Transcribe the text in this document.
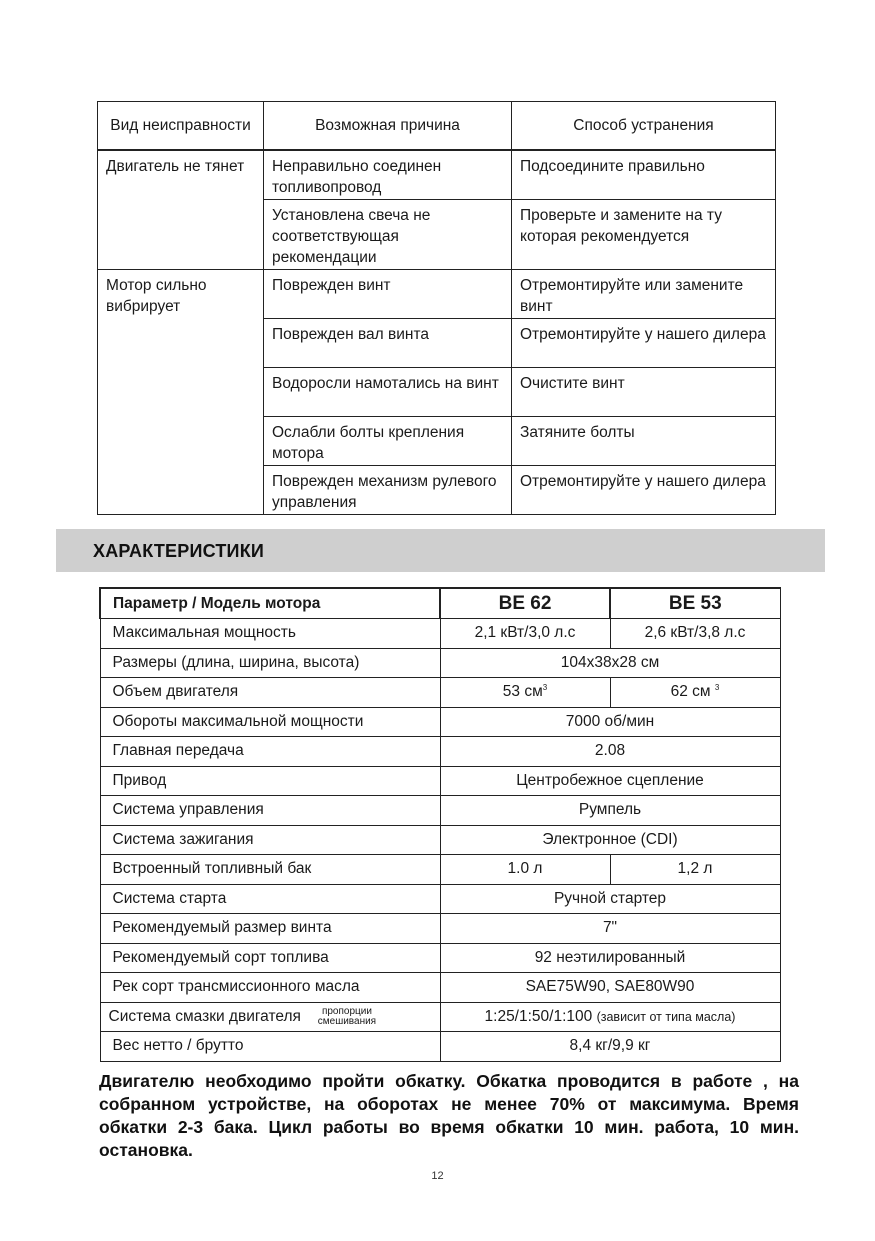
Вид неисправности	Возможная причина	Способ устранения
Двигатель не тянет	Неправильно соединен топливопровод	Подсоедините правильно
	Установлена свеча не соответствующая рекомендации	Проверьте и замените на ту которая рекомендуется
Мотор сильно вибрирует	Поврежден винт	Отремонтируйте или замените винт
	Поврежден вал винта	Отремонтируйте у нашего дилера
	Водоросли намотались на винт	Очистите винт
	Ослабли болты крепления мотора	Затяните болты
	Поврежден механизм рулевого управления	Отремонтируйте у нашего дилера
ХАРАКТЕРИСТИКИ
Параметр / Модель мотора	BE 62	BE 53
Максимальная мощность	2,1 кВт/3,0 л.с	2,6 кВт/3,8 л.с
Размеры (длина, ширина, высота)	104x38x28 см	
Объем двигателя	53 $см^3$	62 см $^3$
Обороты максимальной мощности	7000 об/мин	
Главная передача	2.08	
Привод	Центробежное сцепление	
Система управления	Румпель	
Система зажигания	Электронное (CDI)	
Встроенный топливный бак	1.0 л	1,2 л
Система старта	Ручной стартер	
Рекомендуемый размер винта	7"	
Рекомендуемый сорт топлива	92 неэтилированный	
Рек сорт трансмиссионного масла	SAE75W90, SAE80W90	
Система смазки двигателя пропорции смешивания	1:25/1:50/1:100 (зависит от типа масла)	
Вес нетто / брутто	8,4 кг/9,9 кг	
Двигателю необходимо пройти обкатку. Обкатка проводится в работе , на собранном устройстве, на оборотах не менее 70% от максимума. Время обкатки 2-3 бака. Цикл работы во время обкатки 10 мин. работа, 10 мин. остановка.
12
